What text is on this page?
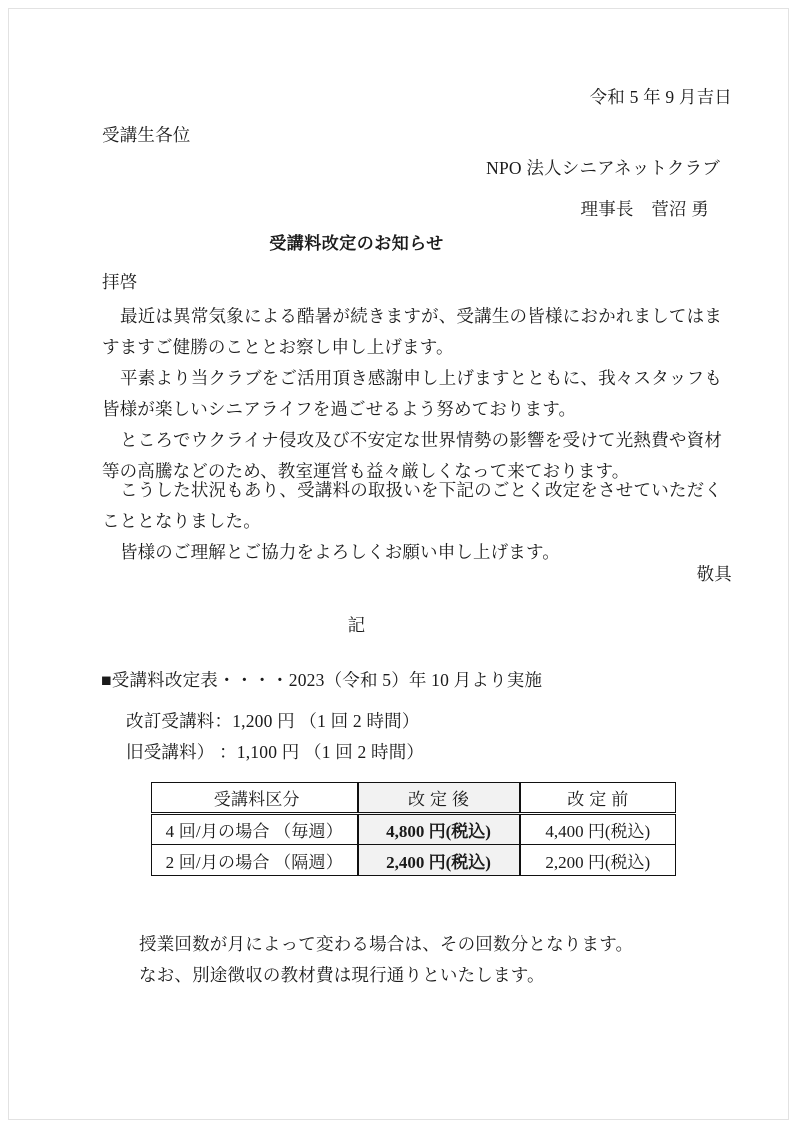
令和 5 年 9 月吉日
受講生各位
NPO 法人シニアネットクラブ
理事長　菅沼 勇
受講料改定のお知らせ
拝啓
最近は異常気象による酷暑が続きますが、受講生の皆様におかれましてはますますご健勝のこととお察し申し上げます。
平素より当クラブをご活用頂き感謝申し上げますとともに、我々スタッフも皆様が楽しいシニアライフを過ごせるよう努めております。
ところでウクライナ侵攻及び不安定な世界情勢の影響を受けて光熱費や資材等の高騰などのため、教室運営も益々厳しくなって来ております。
こうした状況もあり、受講料の取扱いを下記のごとく改定をさせていただくこととなりました。
皆様のご理解とご協力をよろしくお願い申し上げます。
敬具
記
■受講料改定表・・・・2023（令和 5）年 10 月より実施
改訂受講料：1,200 円 （1 回 2 時間）
旧受講料） ：1,100 円 （1 回 2 時間）
受講料区分	改定後	改定前
4 回/月の場合 （毎週）	4,800 円(税込)	4,400 円(税込)
2 回/月の場合 （隔週）	2,400 円(税込)	2,200 円(税込)
授業回数が月によって変わる場合は、その回数分となります。
なお、別途徴収の教材費は現行通りといたします。
